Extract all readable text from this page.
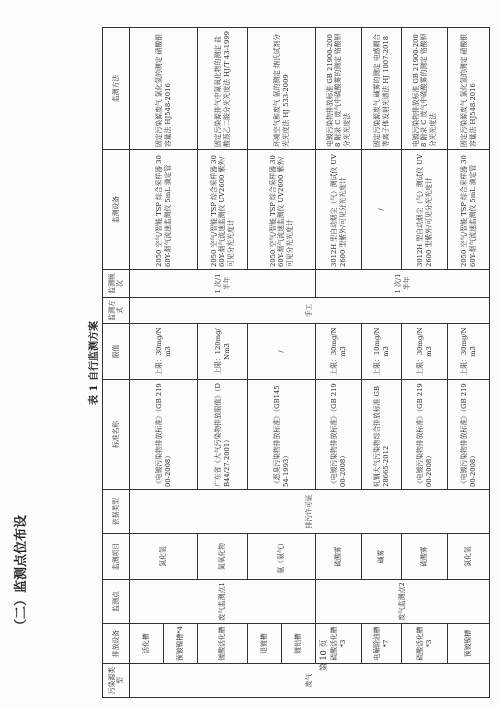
（二）监测点位布设
表 1 自行监测方案
污染源类型	排放设备	监测点	监测项目	依据类型	标准名称	限值	监测方式	监测频次	监测设备	监测方法
废气	活化槽	废气监测点1	氯化氢	排污许可证	《电镀污染物排放标准》（GB 21900-2008）	上限：30mg/Nm3	手工	1 次/1半年	2050 空气/智能 TSP 综合采样器 3060Y-烟气流速监测仪 5mL 滴定管	固定污染源废气 氯化氢的测定 硝酸银容量法 HJ548-2016
	预镀镍槽*4									
	镀酸活化槽		氮氧化物		广东省《大气污染物排放限值》（DB44/27-2001）	上限：120mg/Nm3			2050 空气/智能 TSP 综合采样器 3060Y-烟气流速监测仪 UV2600 紫外/可见分光光度计	固定污染源排气中氮氧化物的测定 盐酸萘乙二胺分光光度法 HJ/T 43-1999
	退镀槽		氨（氨气）		《恶臭污染物排放标准》（GB14554-1993）	/			2050 空气/智能 TSP 综合采样器 3060Y-烟气流速监测仪 UV2600 紫外/可见分光光度计	环境空气和废气 氨的测定 纳氏试剂分光光度法 HJ 533-2009
	镀铝槽									
	硫酸活化槽*3	废气监测点2	硫酸雾		《电镀污染物排放标准》（GB 21900-2008）	上限：30mg/Nm3		1 次/1半年	3012H 型自动烟尘（气）测试仪 UV2600 型紫外/可见分光光度计	电镀污染物排放标准 GB 21900-2008 附录 C 废气中硫酸雾的测定 铬酸钡分光光度法
	电解除油槽*7		碱雾		轧钢大气污染物综合排放标准 GB28665-2012	上限：10mg/Nm3			/	固定污染源废气 碱雾的测定 电感耦合等离子体发射光谱法 HJ 1007-2018
	硫酸活化槽*3		硫酸雾		《电镀污染物排放标准》（GB 21900-2008）	上限：30mg/Nm3			3012H 型自动烟尘（气）测试仪 UV2600 型紫外/可见分光光度计	电镀污染物排放标准 GB 21900-2008 附录 C 废气中硫酸雾的测定 铬酸钡分光光度法
	预镀镍槽		氯化氢		《电镀污染物排放标准》（GB 21900-2008）	上限：30mg/Nm3			2050 空气/智能 TSP 综合采样器 3060Y-烟气流速监测仪 5mL 滴定管	固定污染源废气 氯化氢的测定 硝酸银容量法 HJ548-2016
第 10 页
